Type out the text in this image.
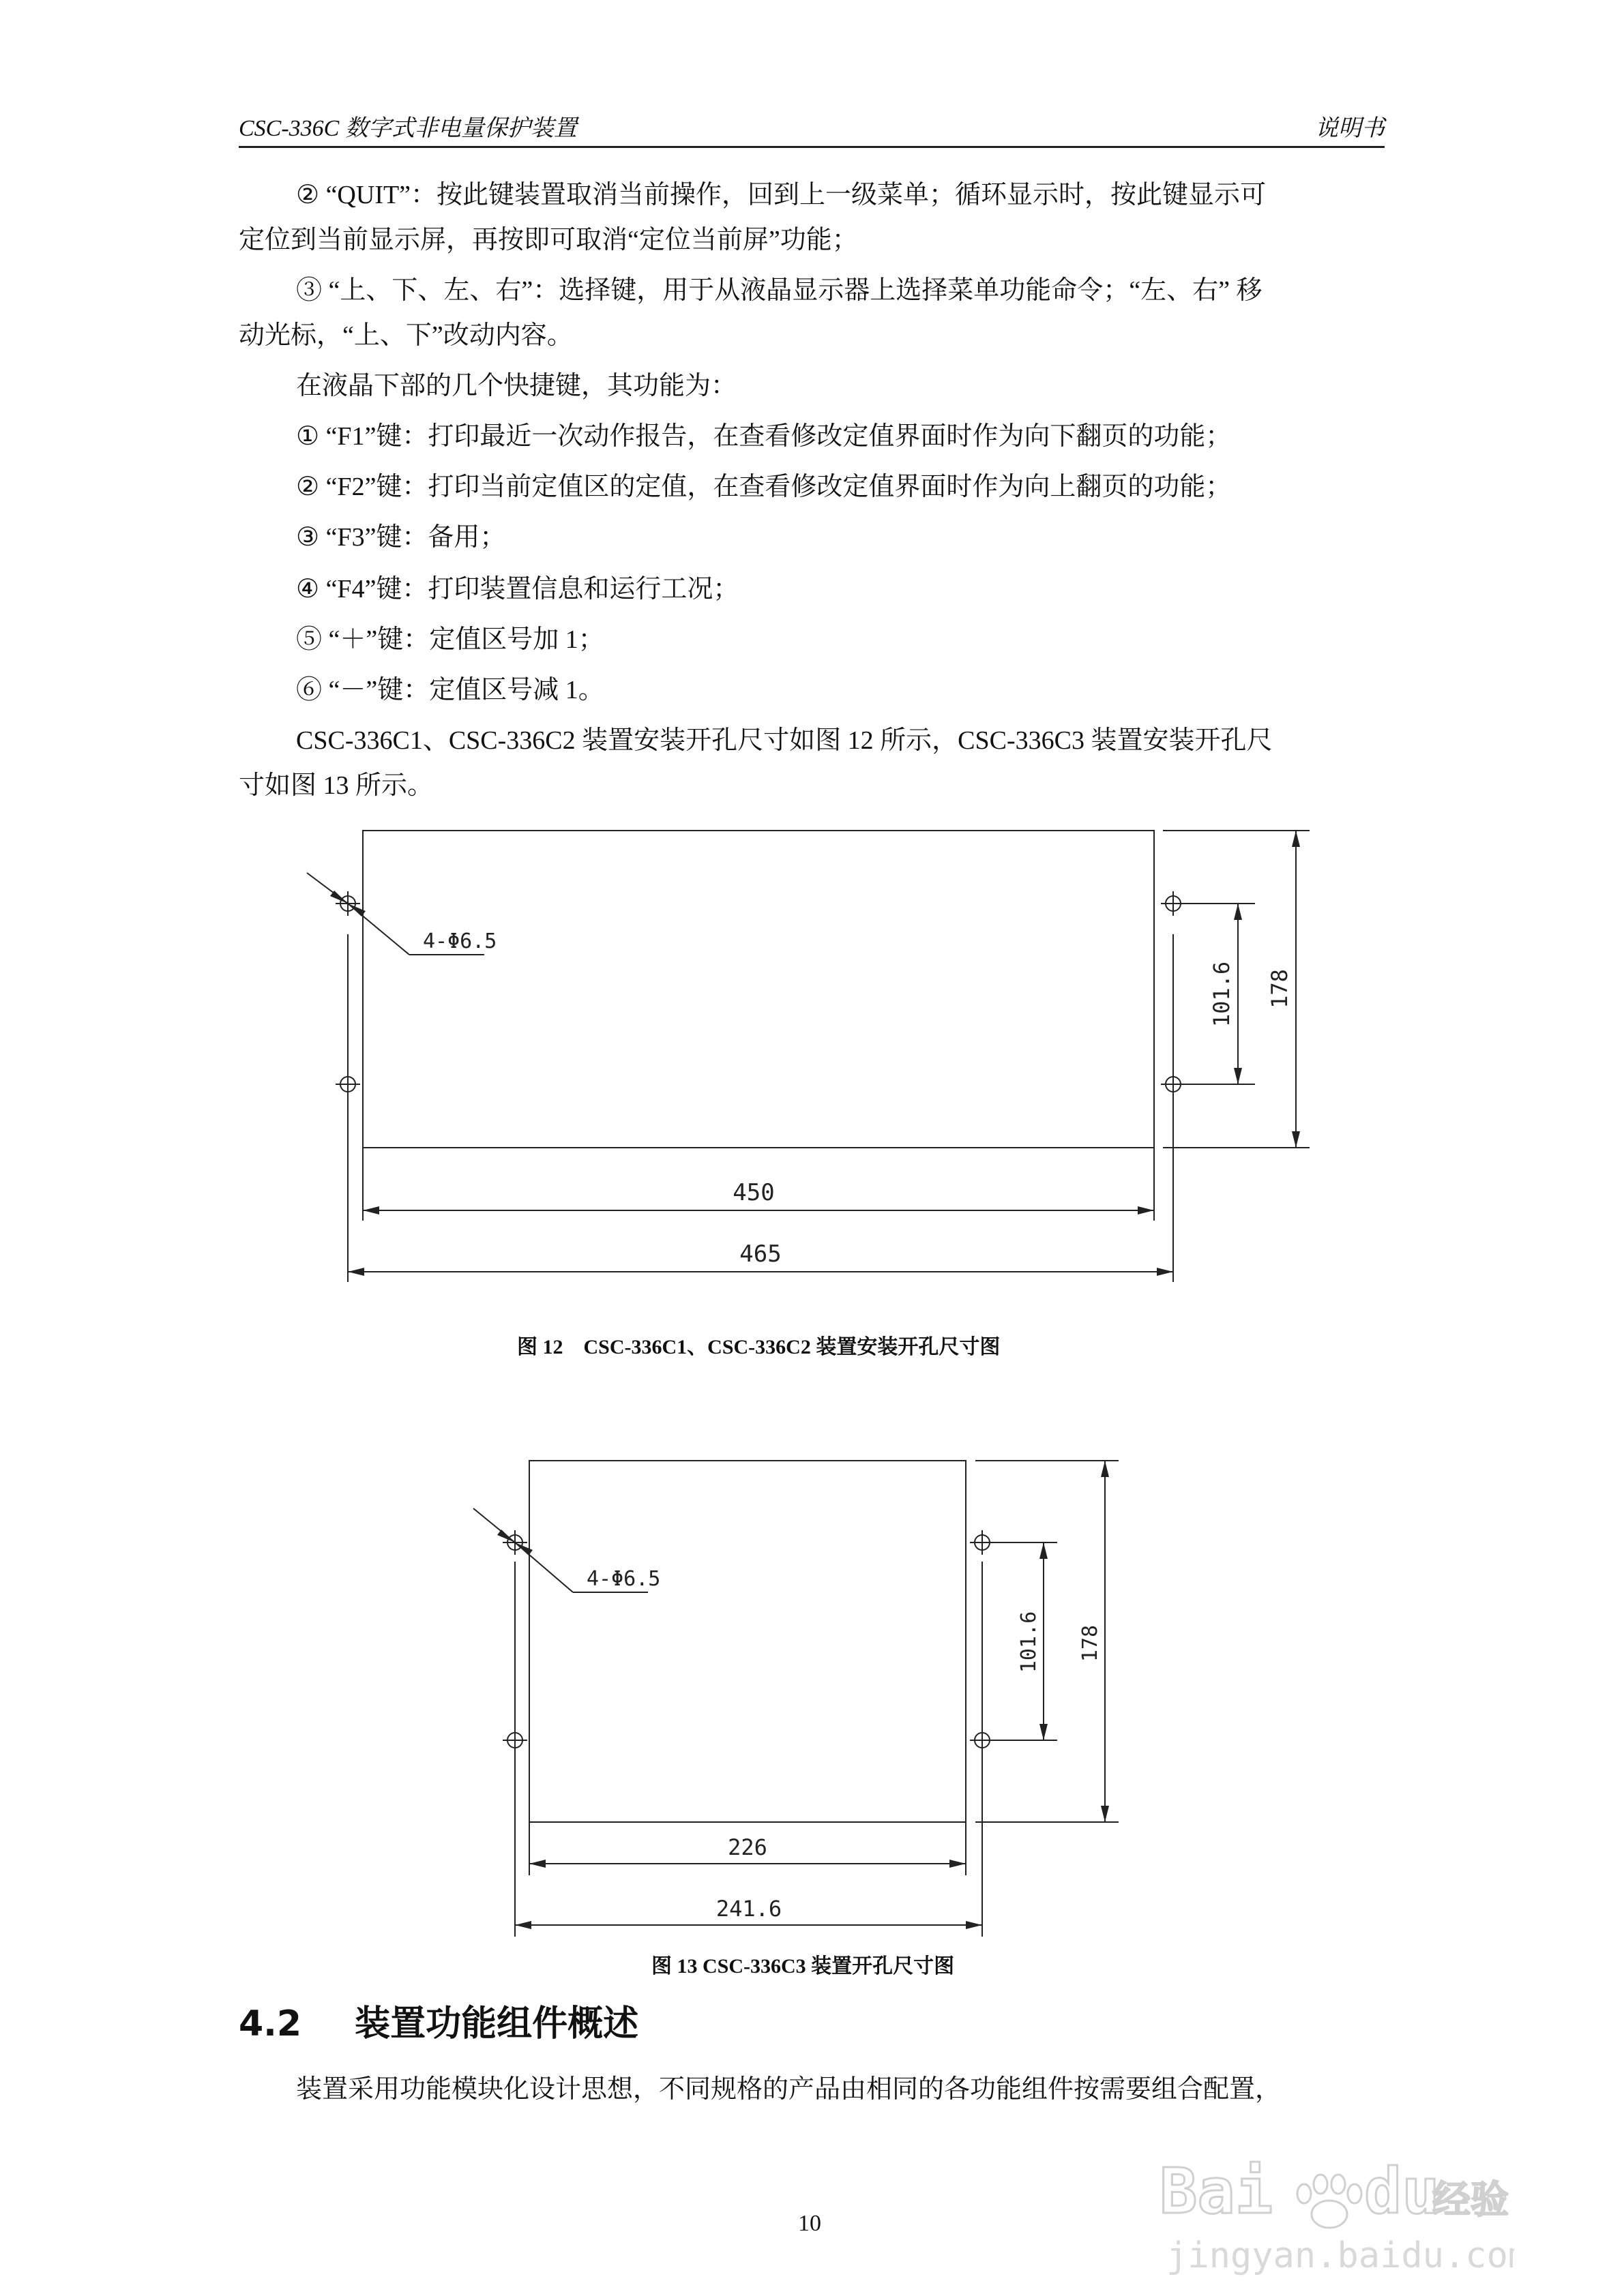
CSC-336C 数字式非电量保护装置	说明书
② “QUIT”：按此键装置取消当前操作，回到上一级菜单；循环显示时，按此键显示可
定位到当前显示屏，再按即可取消“定位当前屏”功能；
③ “上、下、左、右”：选择键，用于从液晶显示器上选择菜单功能命令；“左、右” 移
动光标，“上、下”改动内容。
在液晶下部的几个快捷键，其功能为：
① “F1”键：打印最近一次动作报告，在查看修改定值界面时作为向下翻页的功能；
② “F2”键：打印当前定值区的定值，在查看修改定值界面时作为向上翻页的功能；
③ “F3”键：备用；
④ “F4”键：打印装置信息和运行工况；
⑤ “＋”键：定值区号加 1；
⑥ “－”键：定值区号减 1。
CSC-336C1、CSC-336C2 装置安装开孔尺寸如图 12 所示，CSC-336C3 装置安装开孔尺
寸如图 13 所示。
4-Φ6.5
450
465
101.6 178
图 12　CSC-336C1、CSC-336C2 装置安装开孔尺寸图
4-Φ6.5
226
241.6
101.6 178
图 13 CSC-336C3 装置开孔尺寸图
4.2 装置功能组件概述
装置采用功能模块化设计思想，不同规格的产品由相同的各功能组件按需要组合配置，
10	Bai du
经验
jingyan.baidu.com
